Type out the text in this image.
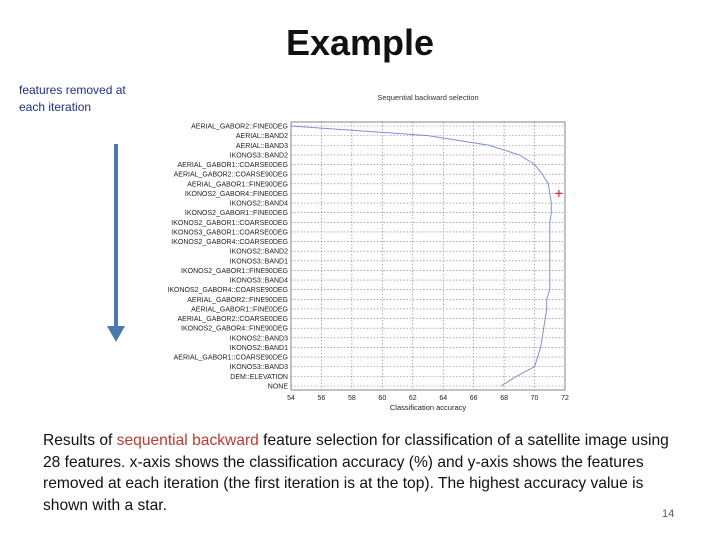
Example
features removed at each iteration
Sequential backward selection
54	56	58	60	62	64	66	68	70	72
AERIAL_GABOR2::FINE0DEG
AERIAL::BAND2
AERIAL::BAND3
IKONOS3::BAND2
AERIAL_GABOR1::COARSE0DEG
AERIAL_GABOR2::COARSE90DEG
AERIAL_GABOR1::FINE90DEG
IKONOS2_GABOR4::FINE0DEG
IKONOS2::BAND4
IKONOS2_GABOR1::FINE0DEG
IKONOS2_GABOR1::COARSE0DEG
IKONOS3_GABOR1::COARSE0DEG
IKONOS2_GABOR4::COARSE0DEG
IKONOS2::BAND2
IKONOS3::BAND1
IKONOS2_GABOR1::FINE90DEG
IKONOS3::BAND4
IKONOS2_GABOR4::COARSE90DEG
AERIAL_GABOR2::FINE90DEG
AERIAL_GABOR1::FINE0DEG
AERIAL_GABOR2::COARSE0DEG
IKONOS2_GABOR4::FINE90DEG
IKONOS2::BAND3
IKONOS2::BAND1
AERIAL_GABOR1::COARSE90DEG
IKONOS3::BAND3
DEM::ELEVATION
NONE
Classification accuracy
Results of sequential backward feature selection for classification of a satellite image using 28 features. x-axis shows the classification accuracy (%) and y-axis shows the features removed at each iteration (the first iteration is at the top). The highest accuracy value is shown with a star.
14
